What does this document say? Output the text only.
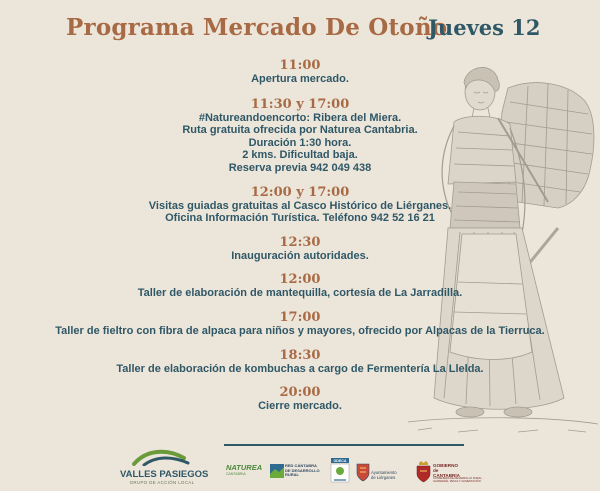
Programa Mercado De Otoño
Jueves 12
11:00
Apertura mercado.
11:30 y 17:00
#Natureandoencorto: Ribera del Miera.
Ruta gratuita ofrecida por Naturea Cantabria.
Duración 1:30 hora.
2 kms. Dificultad baja.
Reserva previa 942 049 438
12:00 y 17:00
Visitas guiadas gratuitas al Casco Histórico de Liérganes.
Oficina Información Turística. Teléfono 942 52 16 21
12:30
Inauguración autoridades.
12:00
Taller de elaboración de mantequilla, cortesía de La Jarradilla.
17:00
Taller de fieltro con fibra de alpaca para niños y mayores, ofrecido por Alpacas de la Tierruca.
18:30
Taller de elaboración de kombuchas a cargo de Fermentería La Llelda.
20:00
Cierre mercado.
VALLES PASIEGOS
GRUPO DE ACCIÓN LOCAL
NATUREA
CANTABRIA
RED CÁNTABRA
DE DESARROLLO
RURAL
ODECA
Ayuntamiento
de Liérganes
GOBIERNO
de
CANTABRIA
CONSEJERÍA DE DESARROLLO RURAL,
GANADERÍA, PESCA Y ALIMENTACIÓN
